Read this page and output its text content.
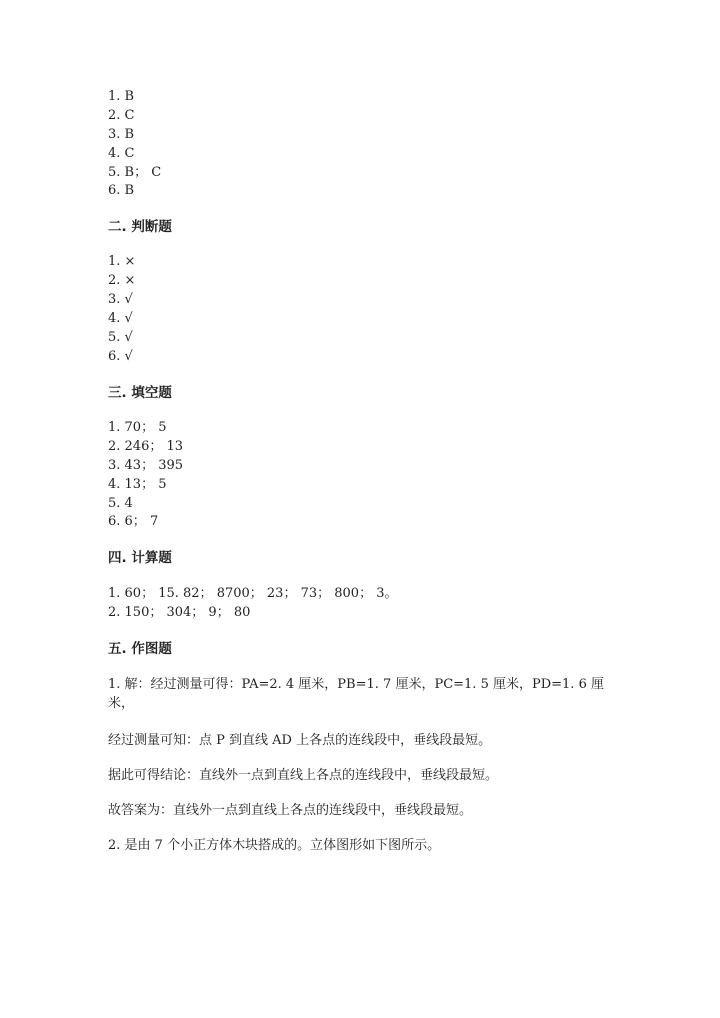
1. B
2. C
3. B
4. C
5. B； C
6. B
二. 判断题
1. ×
2. ×
3. √
4. √
5. √
6. √
三. 填空题
1. 70； 5
2. 246； 13
3. 43； 395
4. 13； 5
5. 4
6. 6； 7
四. 计算题
1. 60； 15. 82； 8700； 23； 73； 800； 3。
2. 150； 304； 9； 80
五. 作图题
1. 解：经过测量可得：PA=2. 4 厘米，PB=1. 7 厘米，PC=1. 5 厘米，PD=1. 6 厘米，
经过测量可知：点 P 到直线 AD 上各点的连线段中，垂线段最短。
据此可得结论：直线外一点到直线上各点的连线段中，垂线段最短。
故答案为：直线外一点到直线上各点的连线段中，垂线段最短。
2. 是由 7 个小正方体木块搭成的。立体图形如下图所示。
